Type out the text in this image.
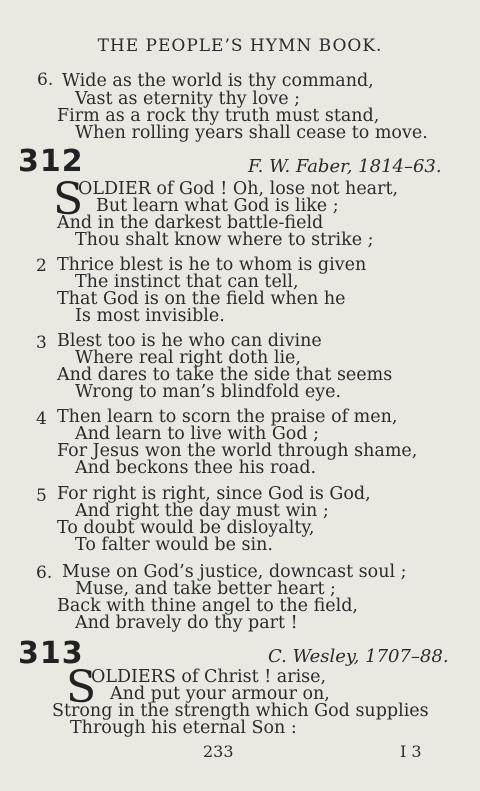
THE PEOPLE’S HYMN BOOK.
6. Wide as the world is thy command,
Vast as eternity thy love ;
Firm as a rock thy truth must stand,
When rolling years shall cease to move.
312	F. W. Faber, 1814–63.
S
OLDIER of God ! Oh, lose not heart,
But learn what God is like ;
And in the darkest battle-field
Thou shalt know where to strike ;
2 Thrice blest is he to whom is given
The instinct that can tell,
That God is on the field when he
Is most invisible.
3 Blest too is he who can divine
Where real right doth lie,
And dares to take the side that seems
Wrong to man’s blindfold eye.
4 Then learn to scorn the praise of men,
And learn to live with God ;
For Jesus won the world through shame,
And beckons thee his road.
5 For right is right, since God is God,
And right the day must win ;
To doubt would be disloyalty,
To falter would be sin.
6. Muse on God’s justice, downcast soul ;
Muse, and take better heart ;
Back with thine angel to the field,
And bravely do thy part !
313	C. Wesley, 1707–88.
S
OLDIERS of Christ ! arise,
And put your armour on,
Strong in the strength which God supplies
Through his eternal Son :
233	I 3
